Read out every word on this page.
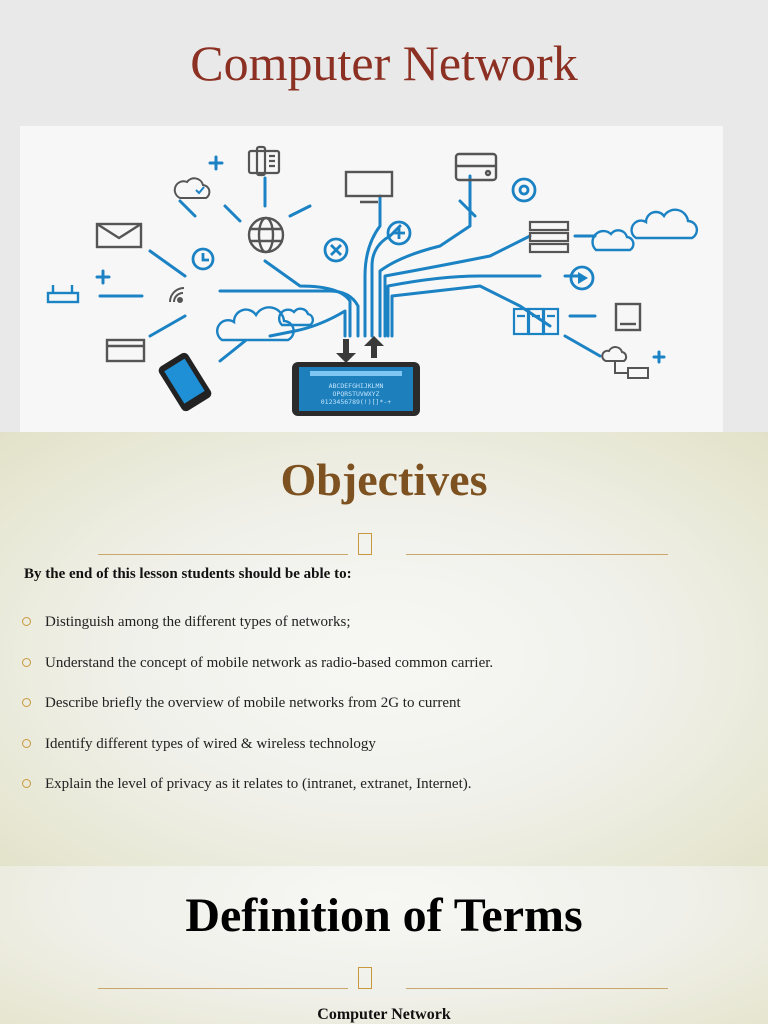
Computer Network
ABCDEFGHIJKLMN
OPQRSTUVWXYZ
0123456789(!)[]*-+
Objectives
By the end of this lesson students should be able to:
Distinguish among the different types of networks;
Understand the concept of mobile network as radio-based common carrier.
Describe briefly the overview of mobile networks from 2G to current
Identify different types of wired & wireless technology
Explain the level of privacy as it relates to (intranet, extranet, Internet).
Definition of Terms
Computer Network
